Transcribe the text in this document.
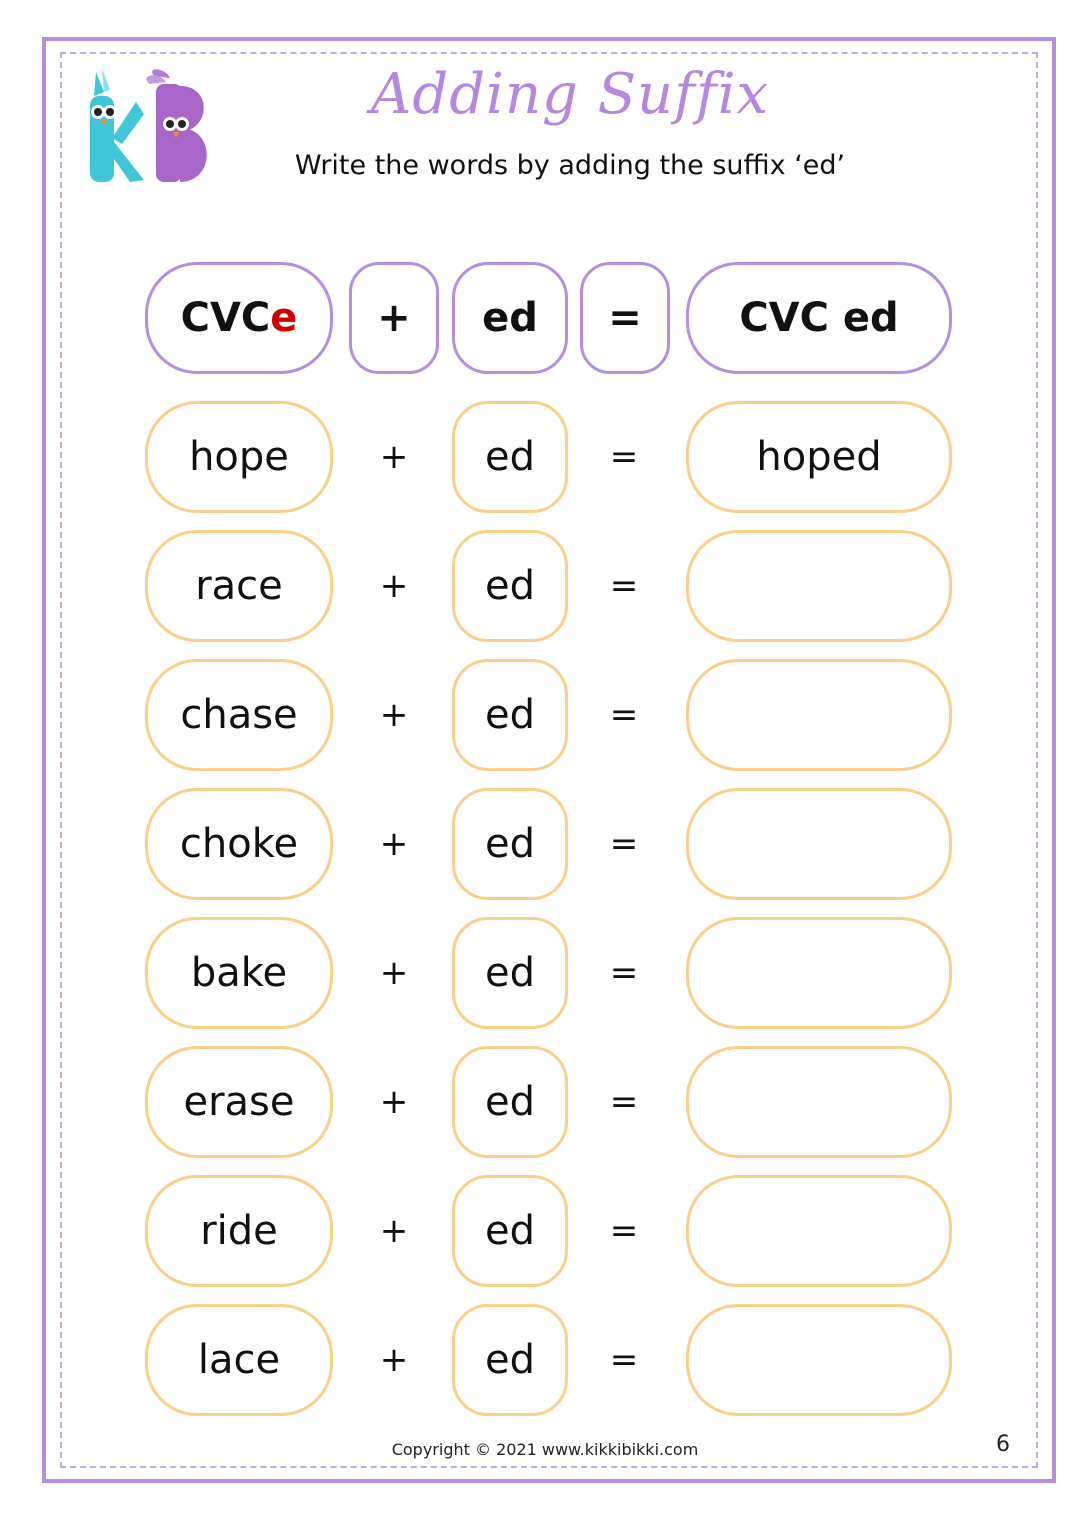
Adding Suffix

Write the words by adding the suffix ‘ed’

CVC e	+	ed	=	CVC ed
hope	+	ed	=	hoped
race	+	ed	=
chase	+	ed	=
choke	+	ed	=
bake	+	ed	=
erase	+	ed	=
ride	+	ed	=
lace	+	ed	=
Copyright © 2021 www.kikkibikki.com	6
